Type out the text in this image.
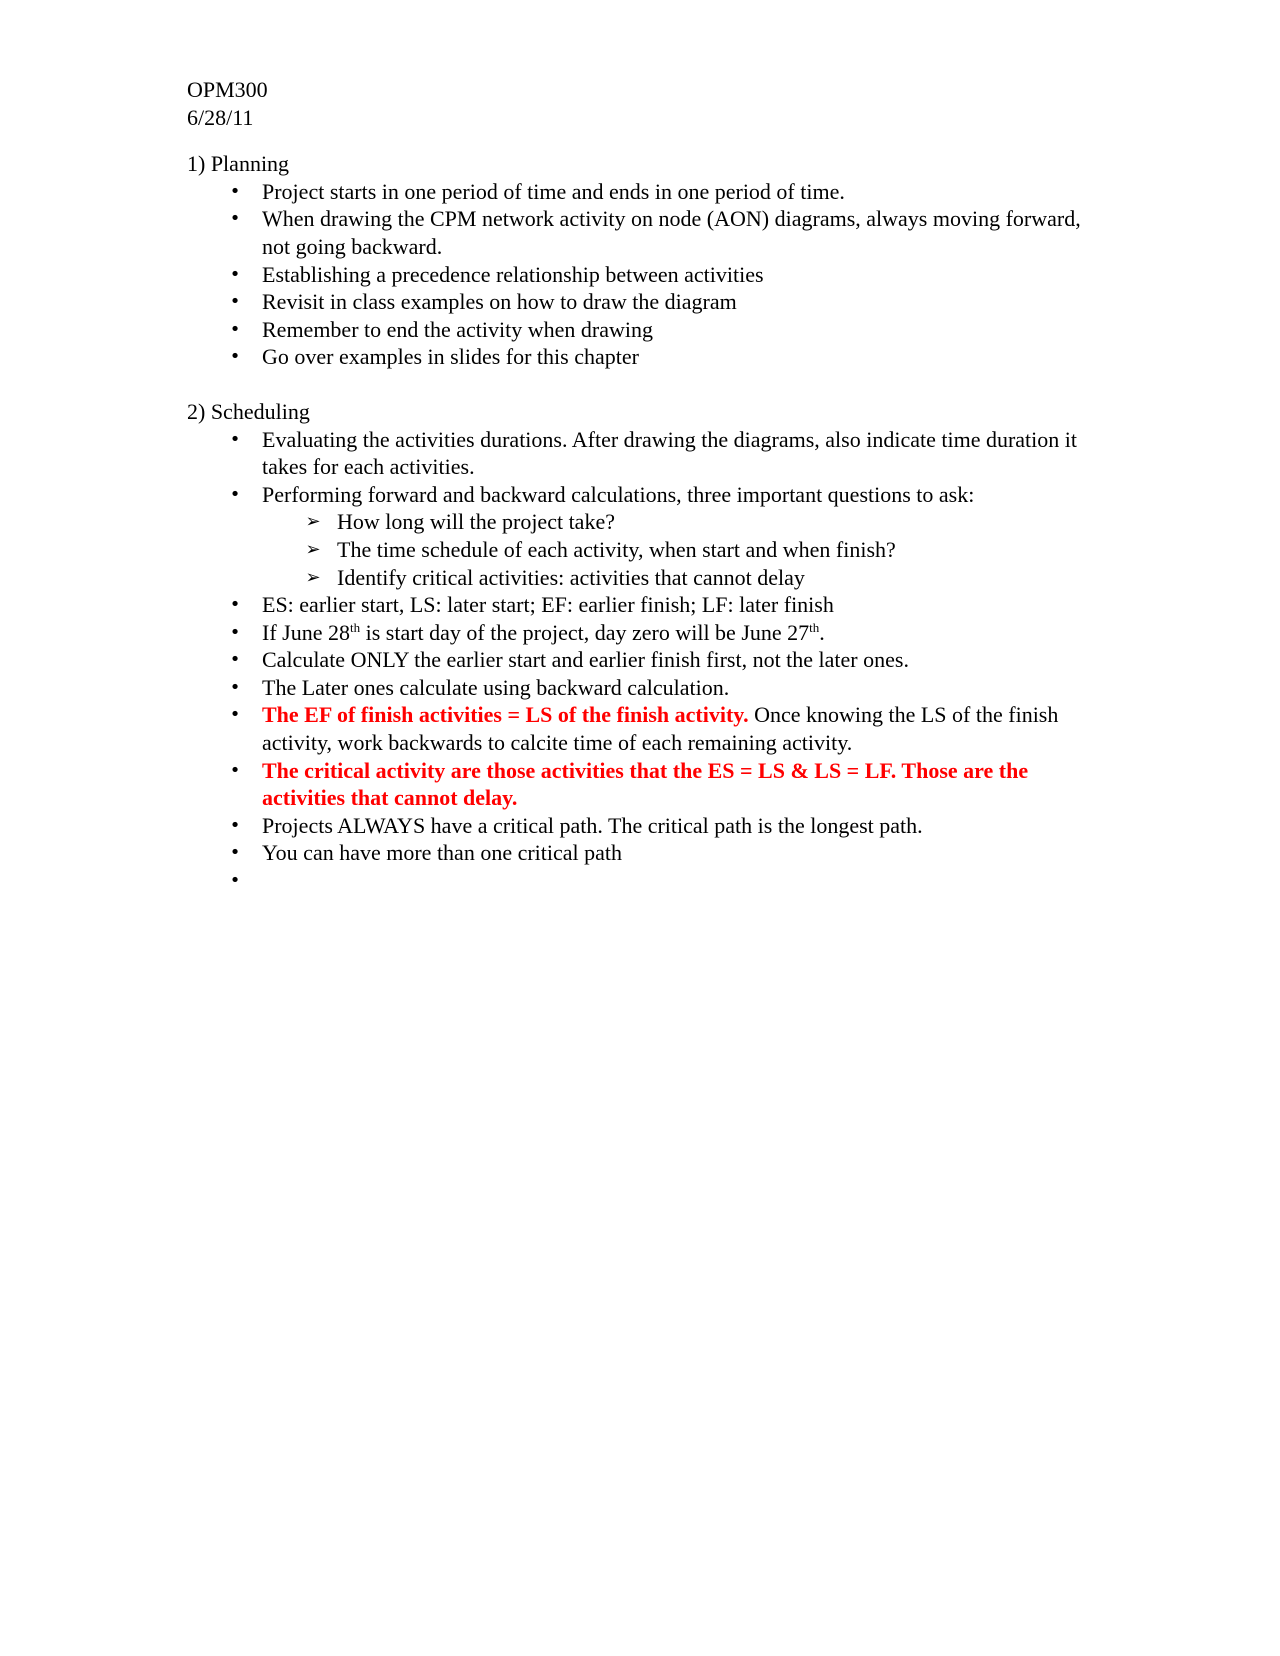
OPM300

6/28/11

1) Planning

• Project starts in one period of time and ends in one period of time.
• When drawing the CPM network activity on node (AON) diagrams, always moving forward, not going backward.
• Establishing a precedence relationship between activities
• Revisit in class examples on how to draw the diagram
• Remember to end the activity when drawing
• Go over examples in slides for this chapter

2) Scheduling

• Evaluating the activities durations. After drawing the diagrams, also indicate time duration it takes for each activities.
• Performing forward and backward calculations, three important questions to ask:
➢ How long will the project take?
➢ The time schedule of each activity, when start and when finish?
➢ Identify critical activities: activities that cannot delay
• ES: earlier start, LS: later start; EF: earlier finish; LF: later finish
• If June 28th is start day of the project, day zero will be June 27th.
• Calculate ONLY the earlier start and earlier finish first, not the later ones.
• The Later ones calculate using backward calculation.
• The EF of finish activities = LS of the finish activity. Once knowing the LS of the finish activity, work backwards to calcite time of each remaining activity.
• The critical activity are those activities that the ES = LS & LS = LF. Those are the activities that cannot delay.
• Projects ALWAYS have a critical path. The critical path is the longest path.
• You can have more than one critical path
•
